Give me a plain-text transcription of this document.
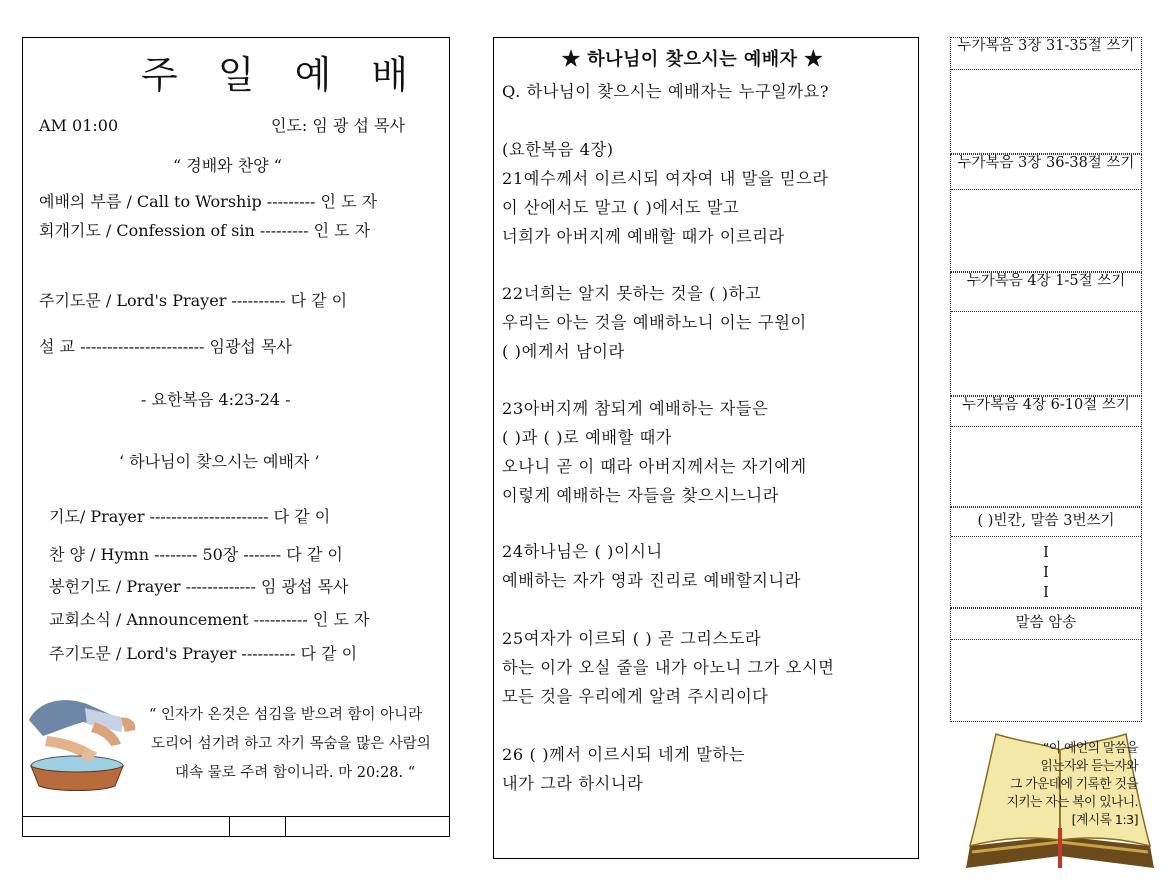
주 일 예 배
AM 01:00	인도: 임 광 섭 목사
“ 경배와 찬양 “
예배의 부름 / Call to Worship --------- 인 도 자
회개기도 / Confession of sin --------- 인 도 자
주기도문 / Lord's Prayer ---------- 다 같 이
설 교 ----------------------- 임광섭 목사
- 요한복음 4:23-24 -
‘ 하나님이 찾으시는 예배자 ’
기도/ Prayer ---------------------- 다 같 이
찬 양 / Hymn -------- 50장 ------- 다 같 이
봉헌기도 / Prayer ------------- 임 광섭 목사
교회소식 / Announcement ---------- 인 도 자
주기도문 / Lord's Prayer ---------- 다 같 이
“ 인자가 온것은 섬김을 받으려 함이 아니라
도리어 섬기려 하고 자기 목숨을 많은 사람의
대속 물로 주려 함이니라. 마 20:28. “
★ 하나님이 찾으시는 예배자 ★
Q. 하나님이 찾으시는 예배자는 누구일까요?
(요한복음 4장)
21예수께서 이르시되 여자여 내 말을 믿으라
이 산에서도 말고 ( )에서도 말고
너희가 아버지께 예배할 때가 이르리라
22너희는 알지 못하는 것을 ( )하고
우리는 아는 것을 예배하노니 이는 구원이
( )에게서 남이라
23아버지께 참되게 예배하는 자들은
( )과 ( )로 예배할 때가
오나니 곧 이 때라 아버지께서는 자기에게
이렇게 예배하는 자들을 찾으시느니라
24하나님은 ( )이시니
예배하는 자가 영과 진리로 예배할지니라
25여자가 이르되 ( ) 곧 그리스도라
하는 이가 오실 줄을 내가 아노니 그가 오시면
모든 것을 우리에게 알려 주시리이다
26 ( )께서 이르시되 네게 말하는
내가 그라 하시니라
누가복음 3장 31-35절 쓰기
누가복음 3장 36-38절 쓰기
누가복음 4장 1-5절 쓰기
누가복음 4장 6-10절 쓰기
( )빈칸, 말씀 3번쓰기
I
I
I
말씀 암송
“이 예언의 말씀을
읽는자와 듣는자와
그 가운데에 기록한 것을
지키는 자는 복이 있나니.
[계시록 1:3]
